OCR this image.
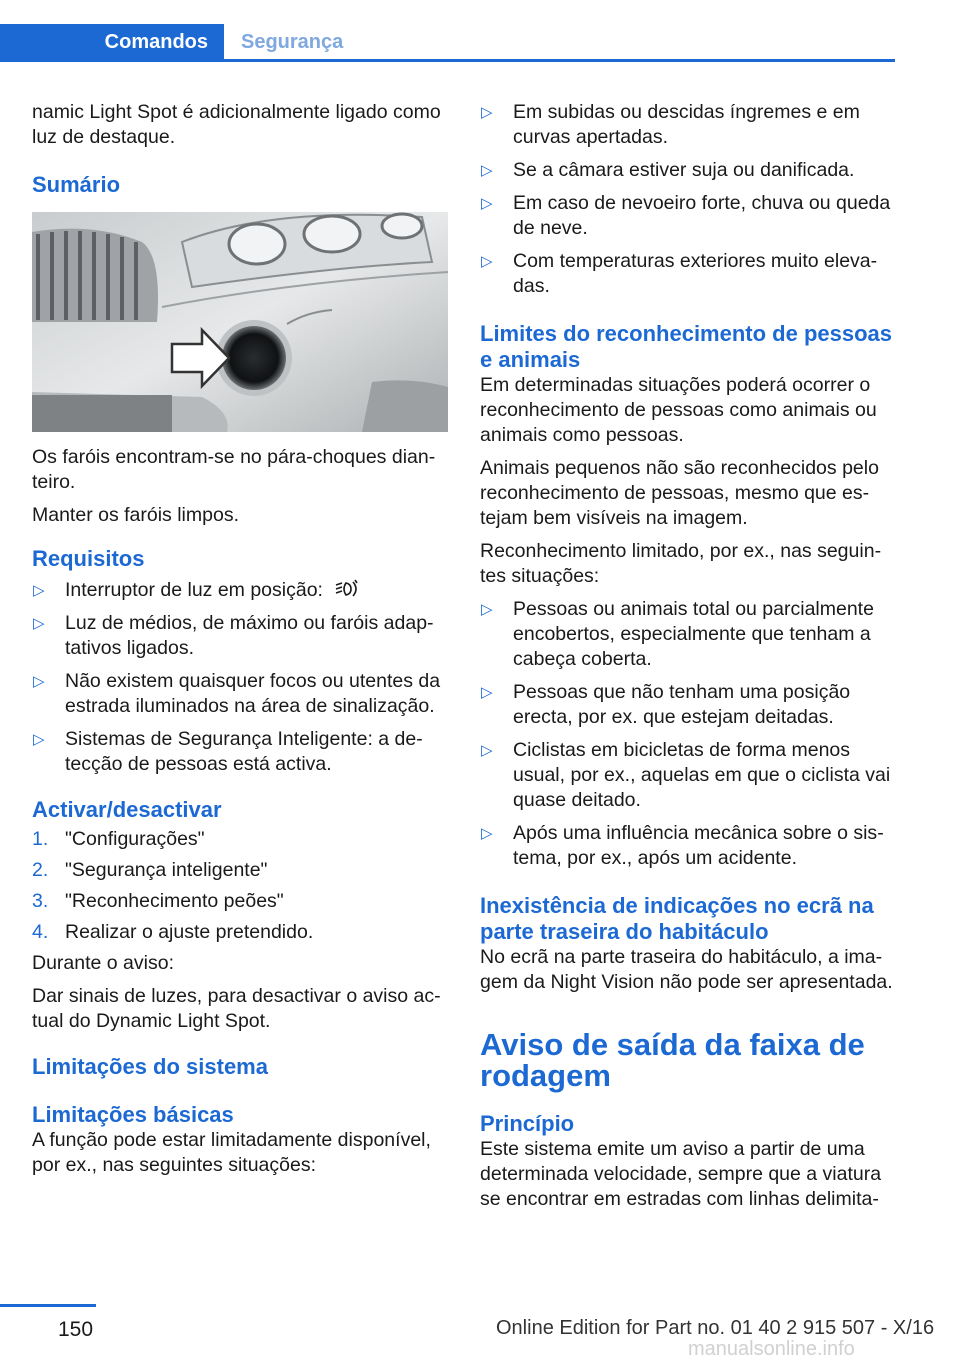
Comandos	Segurança

namic Light Spot é adicionalmente ligado como luz de destaque.

Sumário

Os faróis encontram-se no pára-choques dianteiro.

Manter os faróis limpos.

Requisitos
▷ Interruptor de luz em posição:
▷ Luz de médios, de máximo ou faróis adaptativos ligados.
▷ Não existem quaisquer focos ou utentes da estrada iluminados na área de sinalização.
▷ Sistemas de Segurança Inteligente: a detecção de pessoas está activa.
Activar/desactivar
1. "Configurações"
2. "Segurança inteligente"
3. "Reconhecimento peões"
4. Realizar o ajuste pretendido.

Durante o aviso:

Dar sinais de luzes, para desactivar o aviso actual do Dynamic Light Spot.

Limitações do sistema
Limitações básicas

A função pode estar limitadamente disponível, por ex., nas seguintes situações:

▷ Em subidas ou descidas íngremes e em curvas apertadas.
▷ Se a câmara estiver suja ou danificada.
▷ Em caso de nevoeiro forte, chuva ou queda de neve.
▷ Com temperaturas exteriores muito elevadas.
Limites do reconhecimento de pessoas e animais

Em determinadas situações poderá ocorrer o reconhecimento de pessoas como animais ou animais como pessoas.

Animais pequenos não são reconhecidos pelo reconhecimento de pessoas, mesmo que estejam bem visíveis na imagem.

Reconhecimento limitado, por ex., nas seguintes situações:

▷ Pessoas ou animais total ou parcialmente encobertos, especialmente que tenham a cabeça coberta.
▷ Pessoas que não tenham uma posição erecta, por ex. que estejam deitadas.
▷ Ciclistas em bicicletas de forma menos usual, por ex., aquelas em que o ciclista vai quase deitado.
▷ Após uma influência mecânica sobre o sistema, por ex., após um acidente.
Inexistência de indicações no ecrã na parte traseira do habitáculo

No ecrã na parte traseira do habitáculo, a imagem da Night Vision não pode ser apresentada.

Aviso de saída da faixa de rodagem
Princípio

Este sistema emite um aviso a partir de uma determinada velocidade, sempre que a viatura se encontrar em estradas com linhas delimita-

150	Online Edition for Part no. 01 40 2 915 507 - X/16
manualsonline.info
